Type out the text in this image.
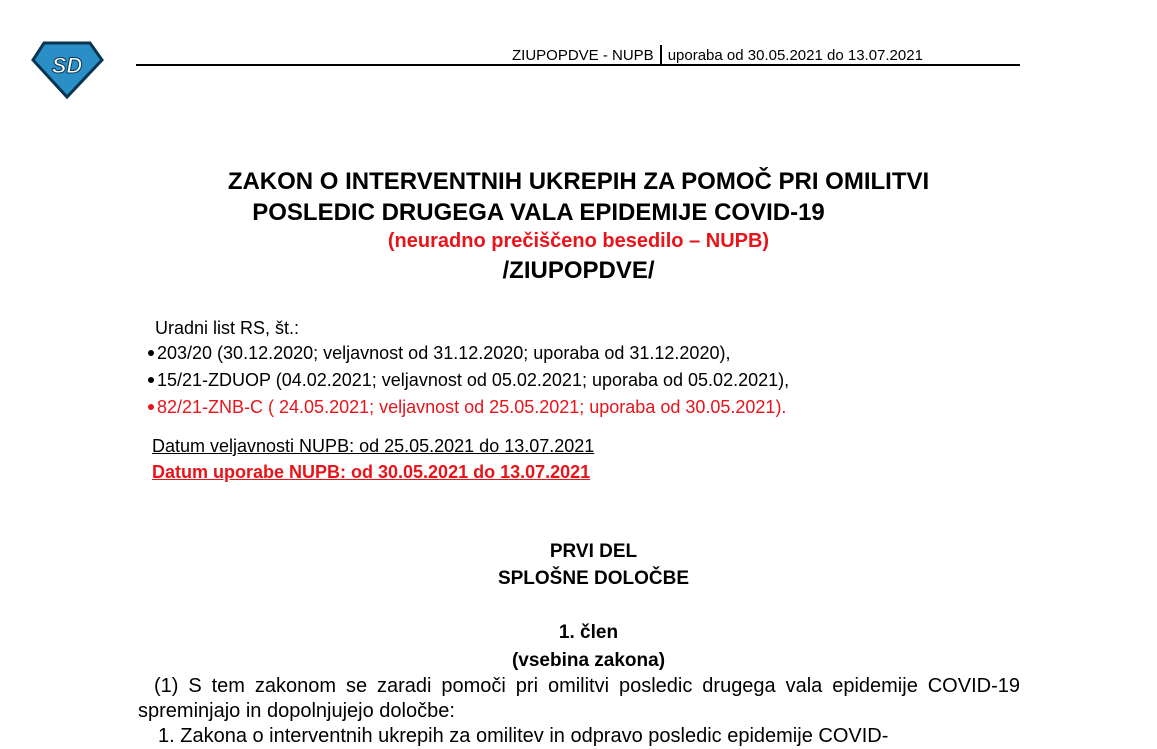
SD	ZIUPOPDVE - NUPB uporaba od 30.05.2021 do 13.07.2021
ZAKON O INTERVENTNIH UKREPIH ZA POMOČ PRI OMILITVI
POSLEDIC DRUGEGA VALA EPIDEMIJE COVID-19
(neuradno prečiščeno besedilo – NUPB)
/ZIUPOPDVE/
Uradni list RS, št.:
203/20 (30.12.2020; veljavnost od 31.12.2020; uporaba od 31.12.2020),
15/21-ZDUOP (04.02.2021; veljavnost od 05.02.2021; uporaba od 05.02.2021),
82/21-ZNB-C ( 24.05.2021; veljavnost od 25.05.2021; uporaba od 30.05.2021).
Datum veljavnosti NUPB: od 25.05.2021 do 13.07.2021
Datum uporabe NUPB: od 30.05.2021 do 13.07.2021
PRVI DEL
SPLOŠNE DOLOČBE
1. člen
(vsebina zakona)
(1) S tem zakonom se zaradi pomoči pri omilitvi posledic drugega vala epidemije COVID-19 spreminjajo in dopolnjujejo določbe:
1. Zakona o interventnih ukrepih za omilitev in odpravo posledic epidemije COVID-
